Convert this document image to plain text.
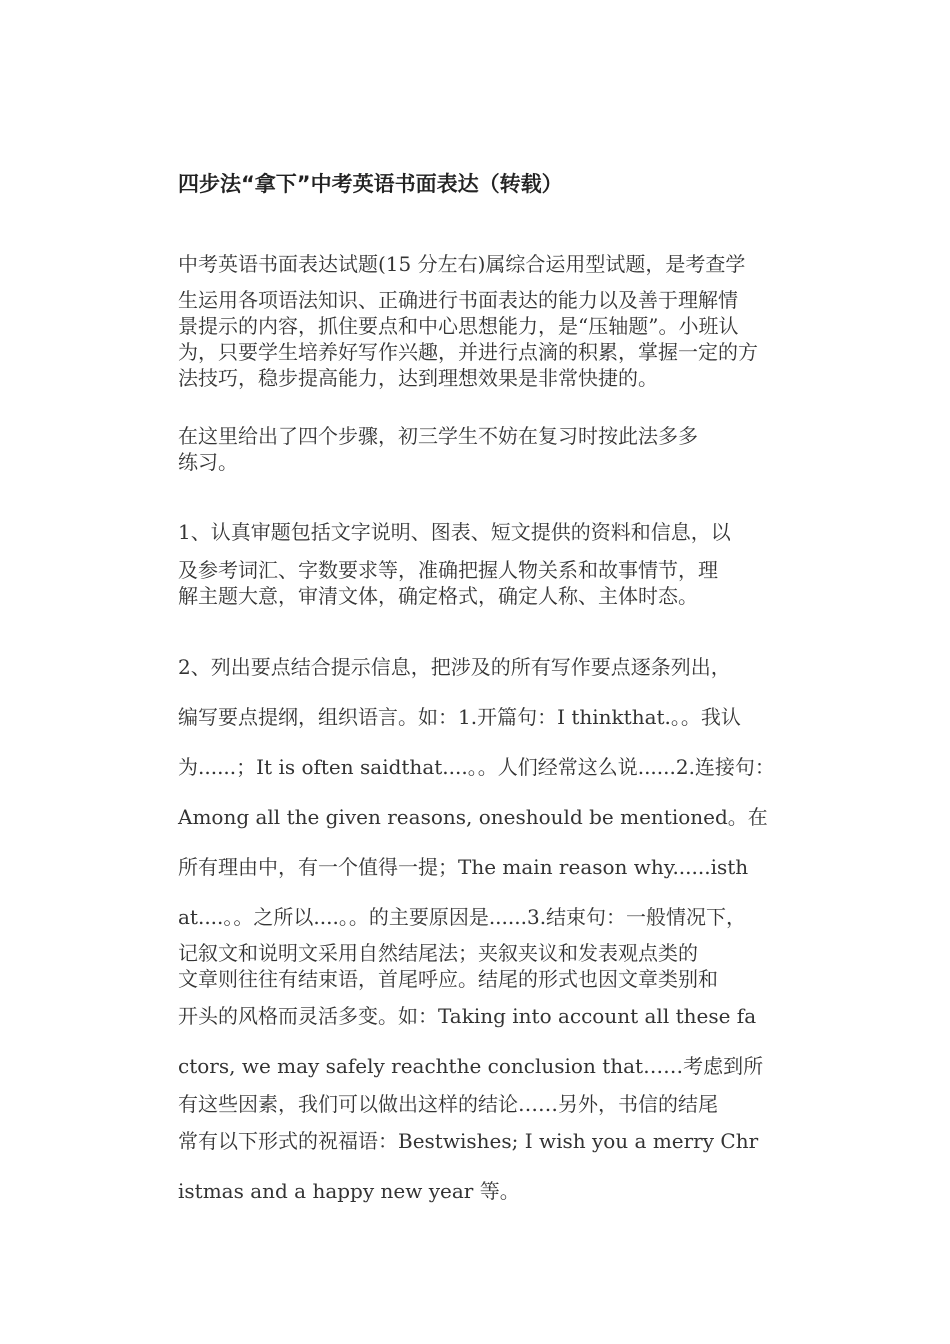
四步法“拿下”中考英语书面表达（转载）
中考英语书面表达试题(15 分左右)属综合运用型试题，是考查学
生运用各项语法知识、正确进行书面表达的能力以及善于理解情
景提示的内容，抓住要点和中心思想能力，是“压轴题”。小班认
为，只要学生培养好写作兴趣，并进行点滴的积累，掌握一定的方
法技巧，稳步提高能力，达到理想效果是非常快捷的。
在这里给出了四个步骤，初三学生不妨在复习时按此法多多
练习。
1、认真审题包括文字说明、图表、短文提供的资料和信息，以
及参考词汇、字数要求等，准确把握人物关系和故事情节，理
解主题大意，审清文体，确定格式，确定人称、主体时态。
2、列出要点结合提示信息，把涉及的所有写作要点逐条列出，
编写要点提纲，组织语言。如：1.开篇句：I thinkthat.。。我认
为......；It is often saidthat....。。人们经常这么说......2.连接句：
Among all the given reasons, oneshould be mentioned。在
所有理由中，有一个值得一提；The main reason why......isth
at....。。之所以....。。的主要原因是......3.结束句：一般情况下，
记叙文和说明文采用自然结尾法；夹叙夹议和发表观点类的
文章则往往有结束语，首尾呼应。结尾的形式也因文章类别和
开头的风格而灵活多变。如：Taking into account all these fa
ctors, we may safely reachthe conclusion that……考虑到所
有这些因素，我们可以做出这样的结论……另外，书信的结尾
常有以下形式的祝福语：Bestwishes; I wish you a merry Chr
istmas and a happy new year 等。
